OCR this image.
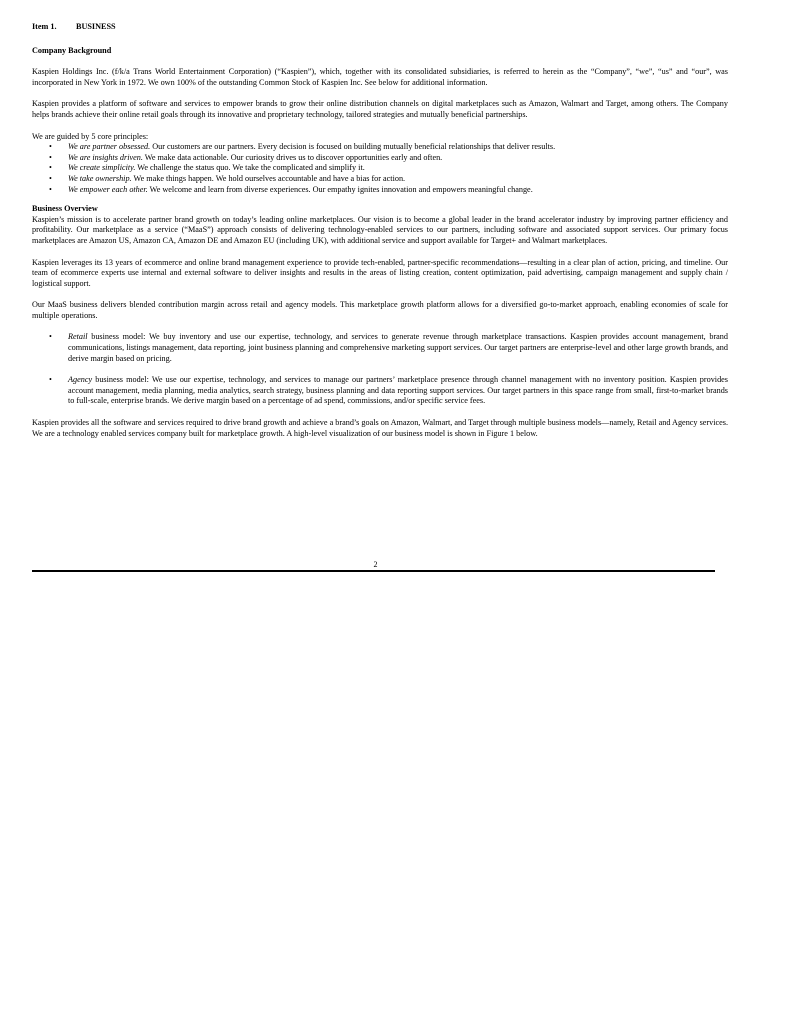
Item 1. BUSINESS
Company Background

Kaspien Holdings Inc. (f/k/a Trans World Entertainment Corporation) (“Kaspien”), which, together with its consolidated subsidiaries, is referred to herein as the “Company”, “we”, “us” and “our”, was incorporated in New York in 1972. We own 100% of the outstanding Common Stock of Kaspien Inc. See below for additional information.

Kaspien provides a platform of software and services to empower brands to grow their online distribution channels on digital marketplaces such as Amazon, Walmart and Target, among others. The Company helps brands achieve their online retail goals through its innovative and proprietary technology, tailored strategies and mutually beneficial partnerships.

We are guided by 5 core principles:

• We are partner obsessed. Our customers are our partners. Every decision is focused on building mutually beneficial relationships that deliver results.
• We are insights driven. We make data actionable. Our curiosity drives us to discover opportunities early and often.
• We create simplicity. We challenge the status quo. We take the complicated and simplify it.
• We take ownership. We make things happen. We hold ourselves accountable and have a bias for action.
• We empower each other. We welcome and learn from diverse experiences. Our empathy ignites innovation and empowers meaningful change.
Business Overview

Kaspien’s mission is to accelerate partner brand growth on today’s leading online marketplaces. Our vision is to become a global leader in the brand accelerator industry by improving partner efficiency and profitability. Our marketplace as a service (“MaaS”) approach consists of delivering technology-enabled services to our partners, including software and associated support services. Our primary focus marketplaces are Amazon US, Amazon CA, Amazon DE and Amazon EU (including UK), with additional service and support available for Target+ and Walmart marketplaces.

Kaspien leverages its 13 years of ecommerce and online brand management experience to provide tech-enabled, partner-specific recommendations—resulting in a clear plan of action, pricing, and timeline. Our team of ecommerce experts use internal and external software to deliver insights and results in the areas of listing creation, content optimization, paid advertising, campaign management and supply chain / logistical support.

Our MaaS business delivers blended contribution margin across retail and agency models. This marketplace growth platform allows for a diversified go-to-market approach, enabling economies of scale for multiple operations.

• Retail business model: We buy inventory and use our expertise, technology, and services to generate revenue through marketplace transactions. Kaspien provides account management, brand communications, listings management, data reporting, joint business planning and comprehensive marketing support services. Our target partners are enterprise-level and other large growth brands, and derive margin based on pricing.
• Agency business model: We use our expertise, technology, and services to manage our partners’ marketplace presence through channel management with no inventory position. Kaspien provides account management, media planning, media analytics, search strategy, business planning and data reporting support services. Our target partners in this space range from small, first-to-market brands to full-scale, enterprise brands. We derive margin based on a percentage of ad spend, commissions, and/or specific service fees.

Kaspien provides all the software and services required to drive brand growth and achieve a brand’s goals on Amazon, Walmart, and Target through multiple business models—namely, Retail and Agency services. We are a technology enabled services company built for marketplace growth. A high-level visualization of our business model is shown in Figure 1 below.

2
